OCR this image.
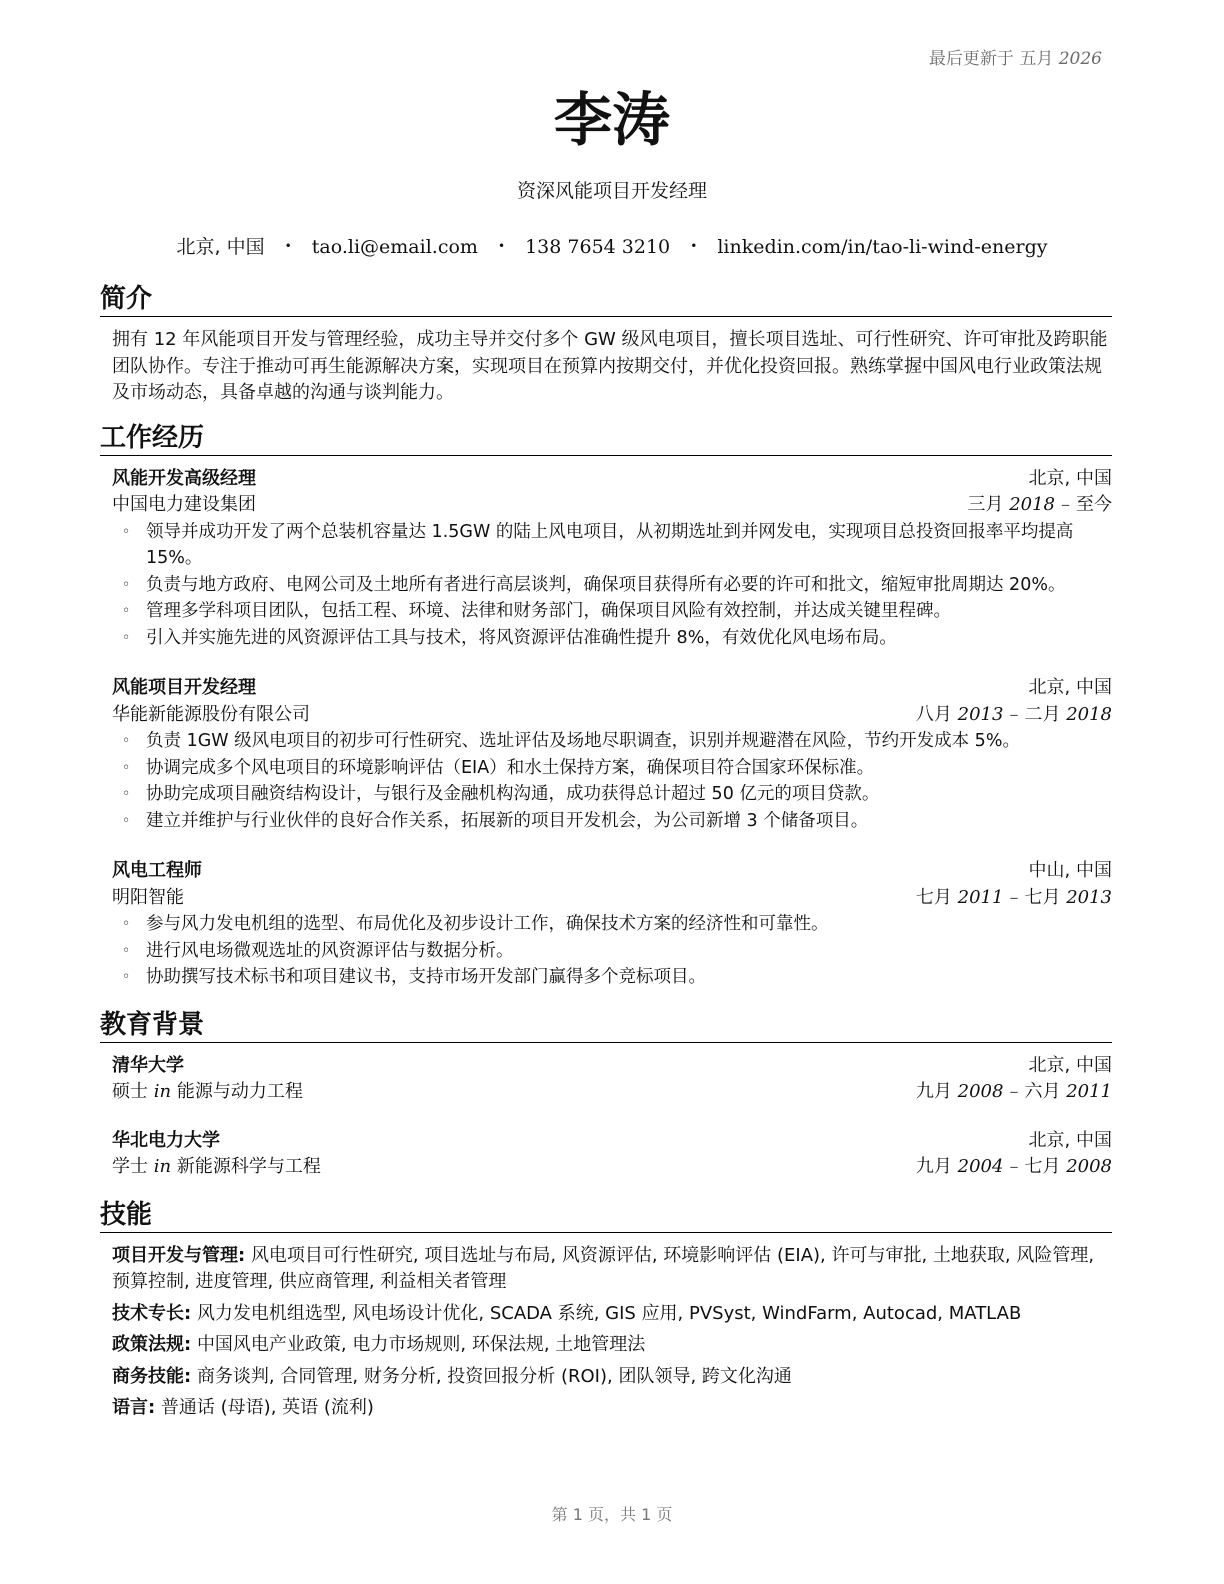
最后更新于 五月 2026
李涛
资深风能项目开发经理
北京, 中国 • tao.li@email.com • 138 7654 3210 • linkedin.com/in/tao-li-wind-energy
简介
拥有 12 年风能项目开发与管理经验，成功主导并交付多个 GW 级风电项目，擅长项目选址、可行性研究、许可审批及跨职能团队协作。专注于推动可再生能源解决方案，实现项目在预算内按期交付，并优化投资回报。熟练掌握中国风电行业政策法规及市场动态，具备卓越的沟通与谈判能力。
工作经历
风能开发高级经理	北京, 中国
中国电力建设集团	三月 2018 – 至今
◦ 领导并成功开发了两个总装机容量达 1.5GW 的陆上风电项目，从初期选址到并网发电，实现项目总投资回报率平均提高 15%。
◦ 负责与地方政府、电网公司及土地所有者进行高层谈判，确保项目获得所有必要的许可和批文，缩短审批周期达 20%。
◦ 管理多学科项目团队，包括工程、环境、法律和财务部门，确保项目风险有效控制，并达成关键里程碑。
◦ 引入并实施先进的风资源评估工具与技术，将风资源评估准确性提升 8%，有效优化风电场布局。
风能项目开发经理	北京, 中国
华能新能源股份有限公司	八月 2013 – 二月 2018
◦ 负责 1GW 级风电项目的初步可行性研究、选址评估及场地尽职调查，识别并规避潜在风险，节约开发成本 5%。
◦ 协调完成多个风电项目的环境影响评估（EIA）和水土保持方案，确保项目符合国家环保标准。
◦ 协助完成项目融资结构设计，与银行及金融机构沟通，成功获得总计超过 50 亿元的项目贷款。
◦ 建立并维护与行业伙伴的良好合作关系，拓展新的项目开发机会，为公司新增 3 个储备项目。
风电工程师	中山, 中国
明阳智能	七月 2011 – 七月 2013
◦ 参与风力发电机组的选型、布局优化及初步设计工作，确保技术方案的经济性和可靠性。
◦ 进行风电场微观选址的风资源评估与数据分析。
◦ 协助撰写技术标书和项目建议书，支持市场开发部门赢得多个竞标项目。
教育背景
清华大学	北京, 中国
硕士 in 能源与动力工程	九月 2008 – 六月 2011
华北电力大学	北京, 中国
学士 in 新能源科学与工程	九月 2004 – 七月 2008
技能
项目开发与管理: 风电项目可行性研究, 项目选址与布局, 风资源评估, 环境影响评估 (EIA), 许可与审批, 土地获取, 风险管理, 预算控制, 进度管理, 供应商管理, 利益相关者管理
技术专长: 风力发电机组选型, 风电场设计优化, SCADA 系统, GIS 应用, PVSyst, WindFarm, Autocad, MATLAB
政策法规: 中国风电产业政策, 电力市场规则, 环保法规, 土地管理法
商务技能: 商务谈判, 合同管理, 财务分析, 投资回报分析 (ROI), 团队领导, 跨文化沟通
语言: 普通话 (母语), 英语 (流利)
第 1 页，共 1 页
